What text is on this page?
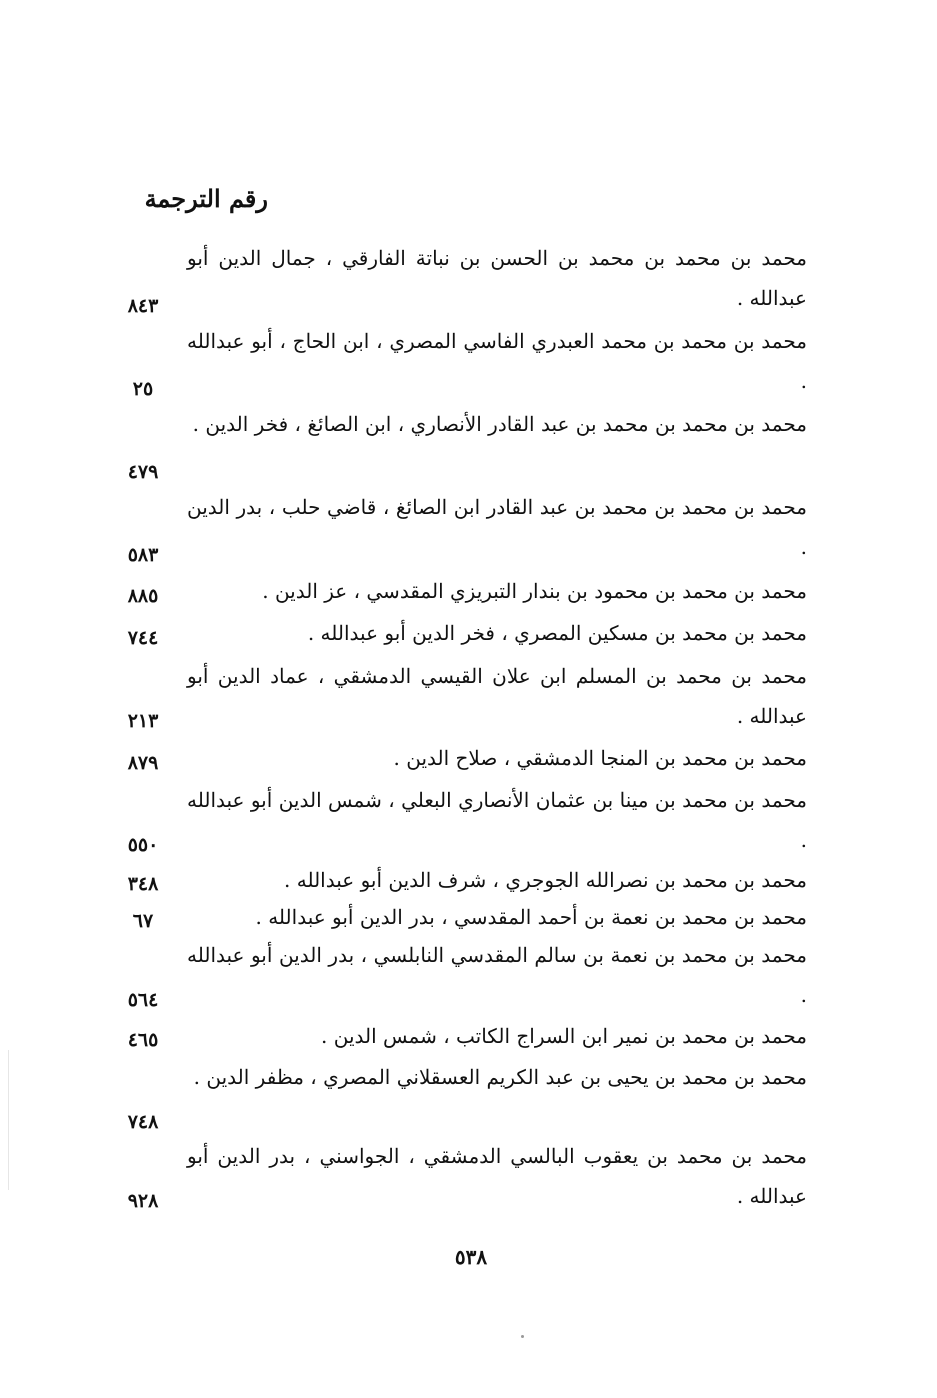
رقم الترجمة
محمد بن محمد بن محمد بن الحسن بن نباتة الفارقي ، جمال الدين أبو عبدالله .
٨٤٣
محمد بن محمد بن محمد العبدري الفاسي المصري ، ابن الحاج ، أبو عبدالله .
٢٥
محمد بن محمد بن محمد بن عبد القادر الأنصاري ، ابن الصائغ ، فخر الدين .
٤٧٩
محمد بن محمد بن محمد بن عبد القادر ابن الصائغ ، قاضي حلب ، بدر الدين .
٥٨٣
محمد بن محمد بن محمود بن بندار التبريزي المقدسي ، عز الدين .
٨٨٥
محمد بن محمد بن مسكين المصري ، فخر الدين أبو عبدالله .
٧٤٤
محمد بن محمد بن المسلم ابن علان القيسي الدمشقي ، عماد الدين أبو عبدالله .
٢١٣
محمد بن محمد بن المنجا الدمشقي ، صلاح الدين .
٨٧٩
محمد بن محمد بن مينا بن عثمان الأنصاري البعلي ، شمس الدين أبو عبدالله .
٥٥٠
محمد بن محمد بن نصرالله الجوجري ، شرف الدين أبو عبدالله .
٣٤٨
محمد بن محمد بن نعمة بن أحمد المقدسي ، بدر الدين أبو عبدالله .
٦٧
محمد بن محمد بن نعمة بن سالم المقدسي النابلسي ، بدر الدين أبو عبدالله .
٥٦٤
محمد بن محمد بن نمير ابن السراج الكاتب ، شمس الدين .
٤٦٥
محمد بن محمد بن يحيى بن عبد الكريم العسقلاني المصري ، مظفر الدين .
٧٤٨
محمد بن محمد بن يعقوب البالسي الدمشقي ، الجواسني ، بدر الدين أبو عبدالله .
٩٢٨
٥٣٨
